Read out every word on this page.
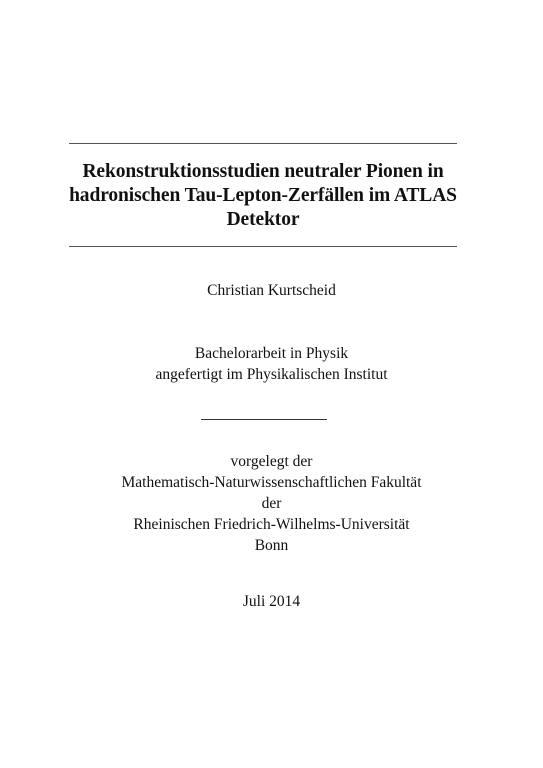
Rekonstruktionsstudien neutraler Pionen in
hadronischen Tau-Lepton-Zerfällen im ATLAS
Detektor
Christian Kurtscheid
Bachelorarbeit in Physik
angefertigt im Physikalischen Institut
vorgelegt der
Mathematisch-Naturwissenschaftlichen Fakultät
der
Rheinischen Friedrich-Wilhelms-Universität
Bonn
Juli 2014
